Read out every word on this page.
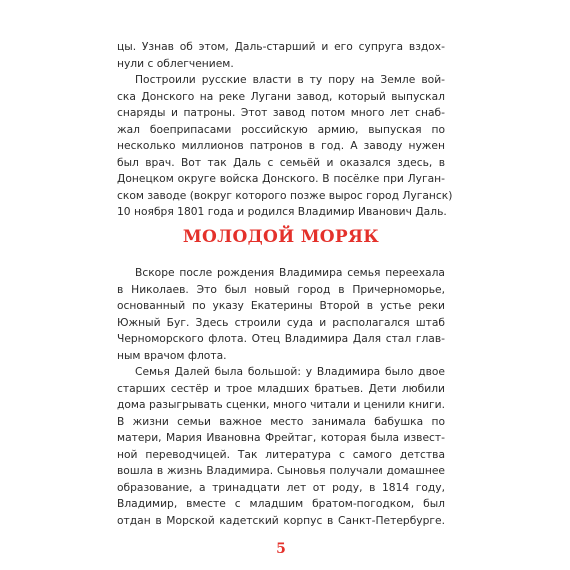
цы. Узнав об этом, Даль-старший и его супруга вздох-
нули с облегчением.
Построили русские власти в ту пору на Земле вой-
ска Донского на реке Лугани завод, который выпускал
снаряды и патроны. Этот завод потом много лет снаб-
жал боеприпасами российскую армию, выпуская по
несколько миллионов патронов в год. А заводу нужен
был врач. Вот так Даль с семьёй и оказался здесь, в
Донецком округе войска Донского. В посёлке при Луган-
ском заводе (вокруг которого позже вырос город Луганск)
10 ноября 1801 года и родился Владимир Иванович Даль.
МОЛОДОЙ МОРЯК
Вскоре после рождения Владимира семья переехала
в Николаев. Это был новый город в Причерноморье,
основанный по указу Екатерины Второй в устье реки
Южный Буг. Здесь строили суда и располагался штаб
Черноморского флота. Отец Владимира Даля стал глав-
ным врачом флота.
Семья Далей была большой: у Владимира было двое
старших сестёр и трое младших братьев. Дети любили
дома разыгрывать сценки, много читали и ценили книги.
В жизни семьи важное место занимала бабушка по
матери, Мария Ивановна Фрейтаг, которая была извест-
ной переводчицей. Так литература с самого детства
вошла в жизнь Владимира. Сыновья получали домашнее
образование, а тринадцати лет от роду, в 1814 году,
Владимир, вместе с младшим братом-погодком, был
отдан в Морской кадетский корпус в Санкт-Петербурге.
5
